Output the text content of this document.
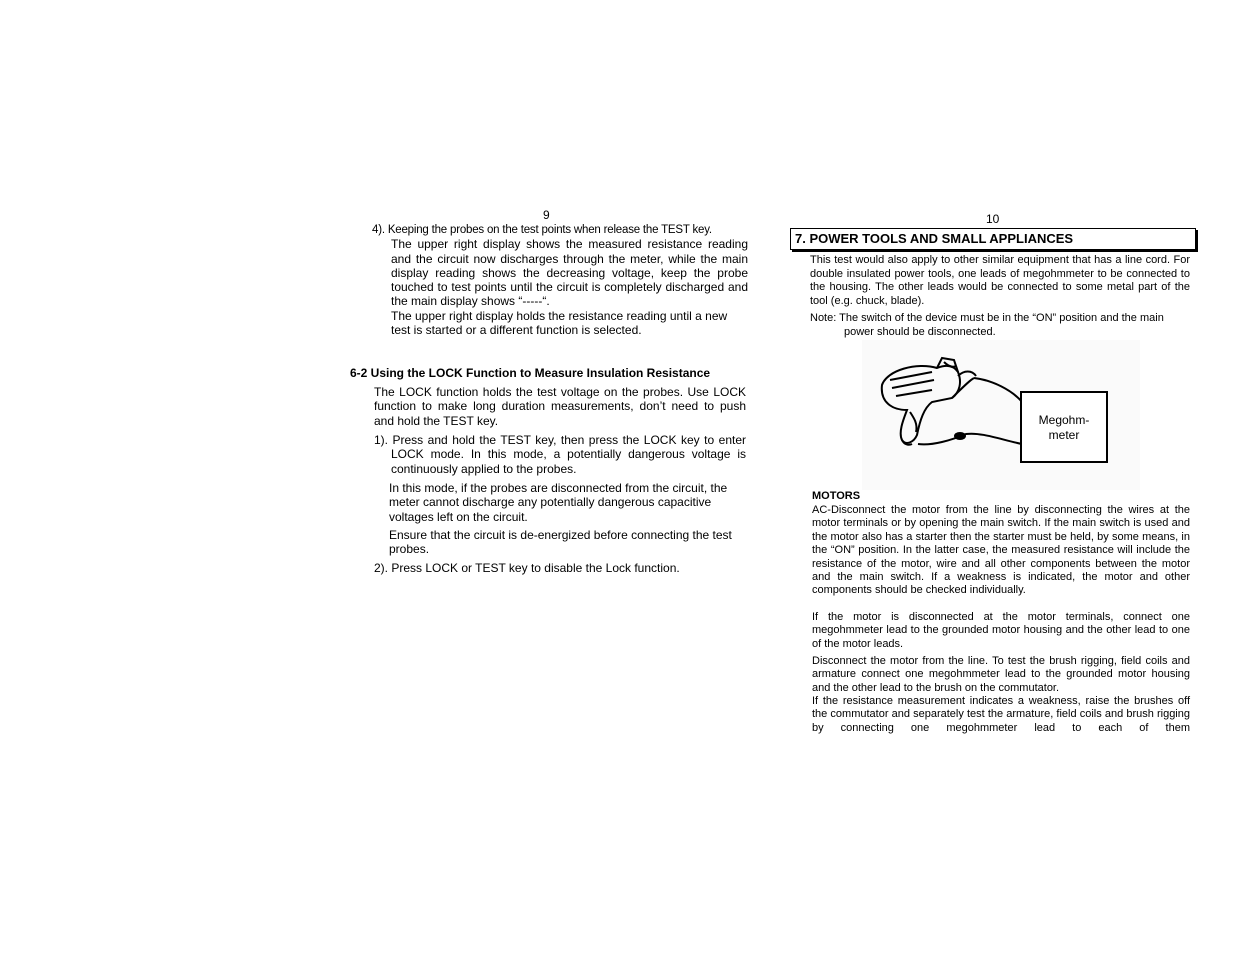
9
4). Keeping the probes on the test points when release the TEST key.
The upper right display shows the measured resistance reading and the circuit now discharges through the meter, while the main display reading shows the decreasing voltage, keep the probe touched to test points until the circuit is completely discharged and the main display shows “-----“.
The upper right display holds the resistance reading until a new test is started or a different function is selected.
6-2 Using the LOCK Function to Measure Insulation Resistance
The LOCK function holds the test voltage on the probes. Use LOCK function to make long duration measurements, don’t need to push and hold the TEST key.
1). Press and hold the TEST key, then press the LOCK key to enter LOCK mode. In this mode, a potentially dangerous voltage is continuously applied to the probes.
In this mode, if the probes are disconnected from the circuit, the meter cannot discharge any potentially dangerous capacitive voltages left on the circuit.
Ensure that the circuit is de-energized before connecting the test probes.
2). Press LOCK or TEST key to disable the Lock function.
10
7. POWER TOOLS AND SMALL APPLIANCES
This test would also apply to other similar equipment that has a line cord. For double insulated power tools, one leads of megohmmeter to be connected to the housing. The other leads would be connected to some metal part of the tool (e.g. chuck, blade).
Note: The switch of the device must be in the “ON” position and the main power should be disconnected.
Megohm-
meter
MOTORS
AC-Disconnect the motor from the line by disconnecting the wires at the motor terminals or by opening the main switch. If the main switch is used and the motor also has a starter then the starter must be held, by some means, in the “ON” position. In the latter case, the measured resistance will include the resistance of the motor, wire and all other components between the motor and the main switch. If a weakness is indicated, the motor and other components should be checked individually.
If the motor is disconnected at the motor terminals, connect one megohmmeter lead to the grounded motor housing and the other lead to one of the motor leads.
Disconnect the motor from the line. To test the brush rigging, field coils and armature connect one megohmmeter lead to the grounded motor housing and the other lead to the brush on the commutator.
If the resistance measurement indicates a weakness, raise the brushes off the commutator and separately test the armature, field coils and brush rigging by connecting one megohmmeter lead to each of them
